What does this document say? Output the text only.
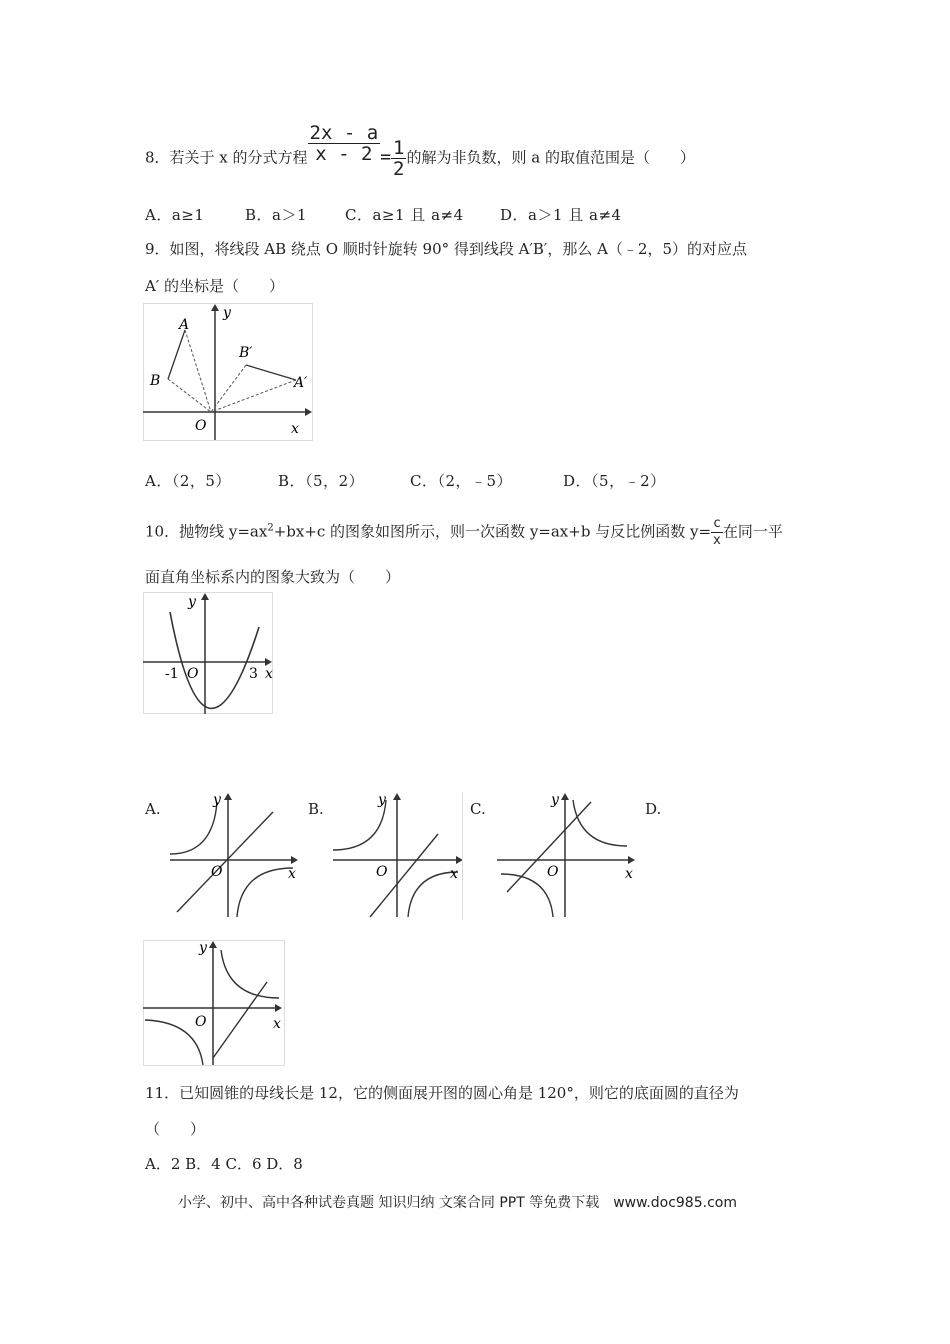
8．若关于 x 的分式方程 $\frac{2x - a}{x - 2} = \frac{1}{2}$ 的解为非负数，则 a 的取值范围是（　　）
A．a≥1	B．a＞1	C．a≥1 且 a≠4 D．a＞1 且 a≠4
9．如图，将线段 AB 绕点 O 顺时针旋转 90° 得到线段 A′B′，那么 A（﹣2，5）的对应点
A′ 的坐标是（　　）
A
B
B′
A′
O	x
y
A．（2，5）	B．（5，2）	C．（2，﹣5）	D．（5，﹣2）
10．抛物线 $y=ax^2+bx+c$ 的图象如图所示，则一次函数 y=ax+b 与反比例函数 $y= \frac{c}{x}$ 在同一平
面直角坐标系内的图象大致为（　　）
-1 O	3 x
y
A.	B.	C.	D.
O	x
y
O	x
y
O	x
y
O	x
y
11．已知圆锥的母线长是 12，它的侧面展开图的圆心角是 120°，则它的底面圆的直径为
（　　）
A．2 B．4 C．6 D．8
小学、初中、高中各种试卷真题 知识归纳 文案合同 PPT 等免费下载　www.doc985.com
